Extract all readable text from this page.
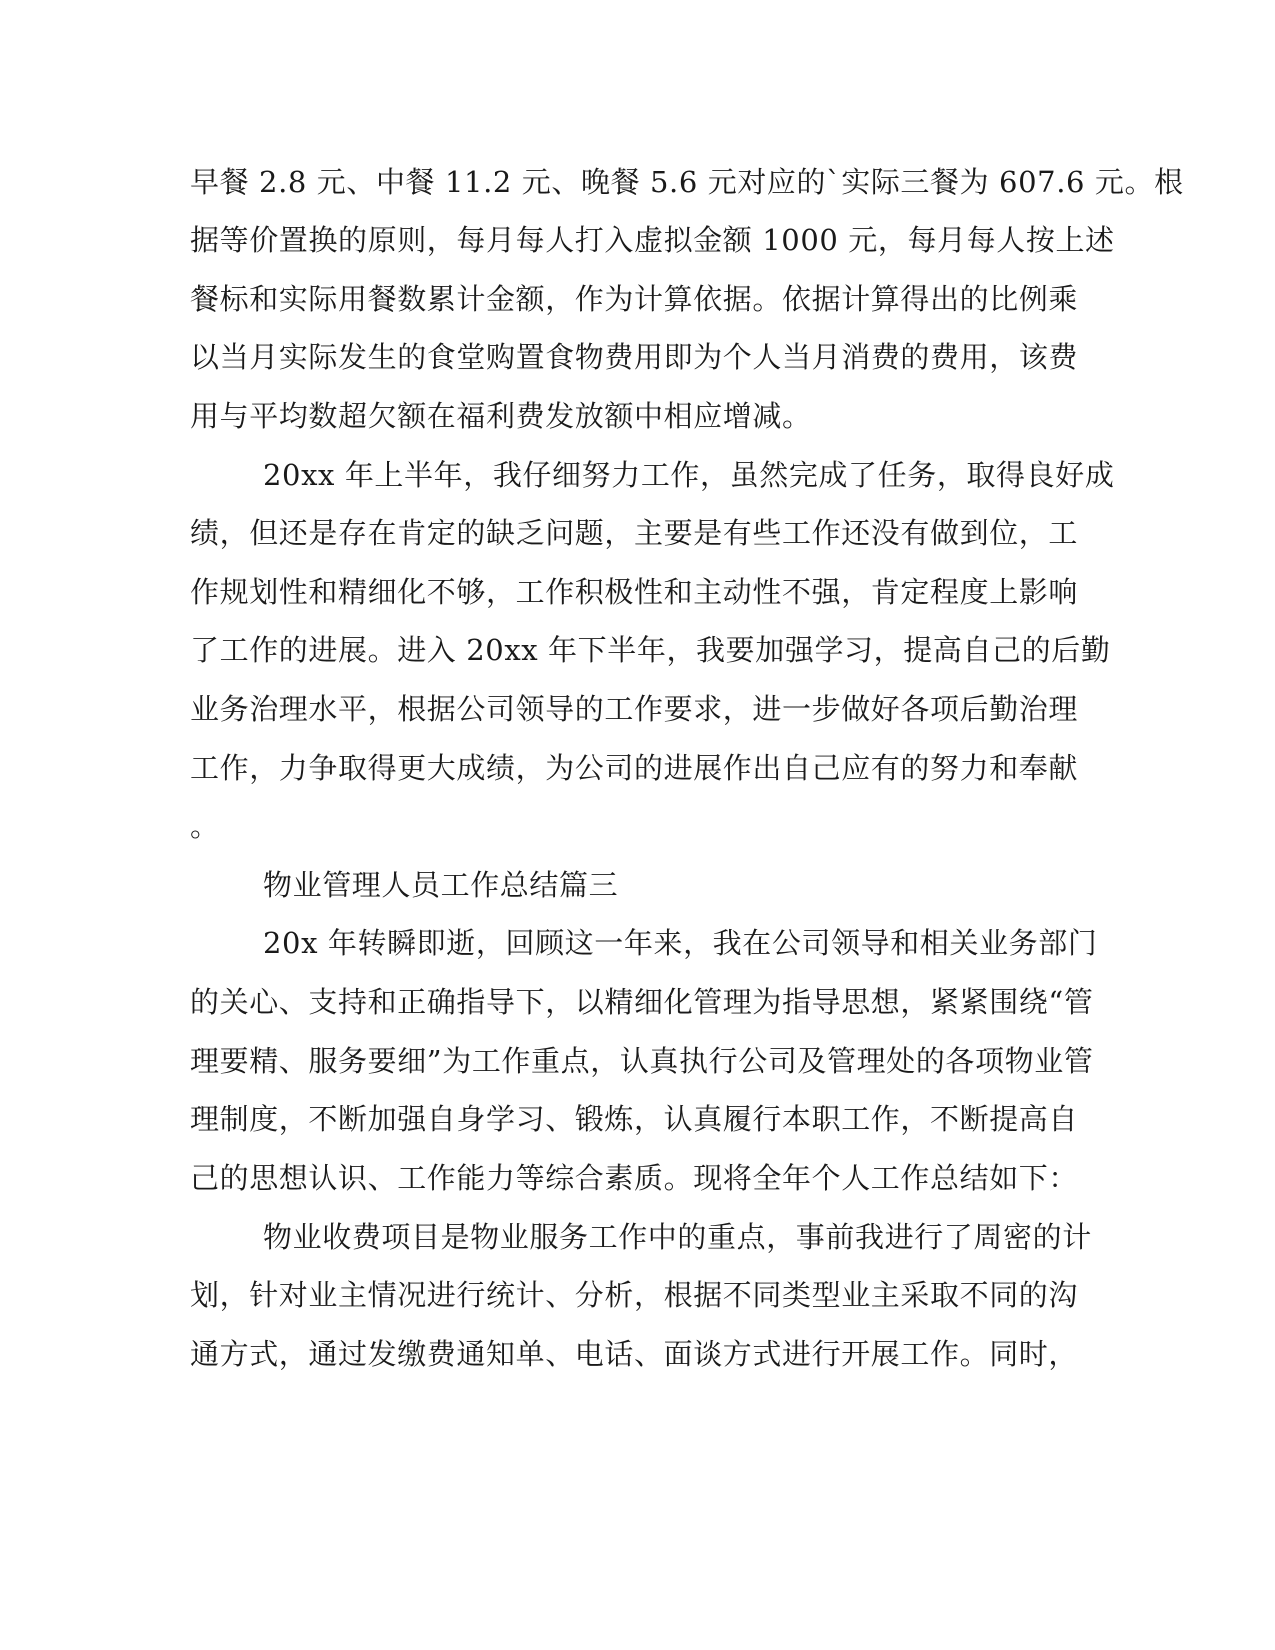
早餐 2.8 元、中餐 11.2 元、晚餐 5.6 元对应的`实际三餐为 607.6 元。根
据等价置换的原则，每月每人打入虚拟金额 1000 元，每月每人按上述
餐标和实际用餐数累计金额，作为计算依据。依据计算得出的比例乘
以当月实际发生的食堂购置食物费用即为个人当月消费的费用，该费
用与平均数超欠额在福利费发放额中相应增减。
20xx 年上半年，我仔细努力工作，虽然完成了任务，取得良好成
绩，但还是存在肯定的缺乏问题，主要是有些工作还没有做到位，工
作规划性和精细化不够，工作积极性和主动性不强，肯定程度上影响
了工作的进展。进入 20xx 年下半年，我要加强学习，提高自己的后勤
业务治理水平，根据公司领导的工作要求，进一步做好各项后勤治理
工作，力争取得更大成绩，为公司的进展作出自己应有的努力和奉献
。
物业管理人员工作总结篇三
20x 年转瞬即逝，回顾这一年来，我在公司领导和相关业务部门
的关心、支持和正确指导下，以精细化管理为指导思想，紧紧围绕“管
理要精、服务要细”为工作重点，认真执行公司及管理处的各项物业管
理制度，不断加强自身学习、锻炼，认真履行本职工作，不断提高自
己的思想认识、工作能力等综合素质。现将全年个人工作总结如下：
物业收费项目是物业服务工作中的重点，事前我进行了周密的计
划，针对业主情况进行统计、分析，根据不同类型业主采取不同的沟
通方式，通过发缴费通知单、电话、面谈方式进行开展工作。同时，
